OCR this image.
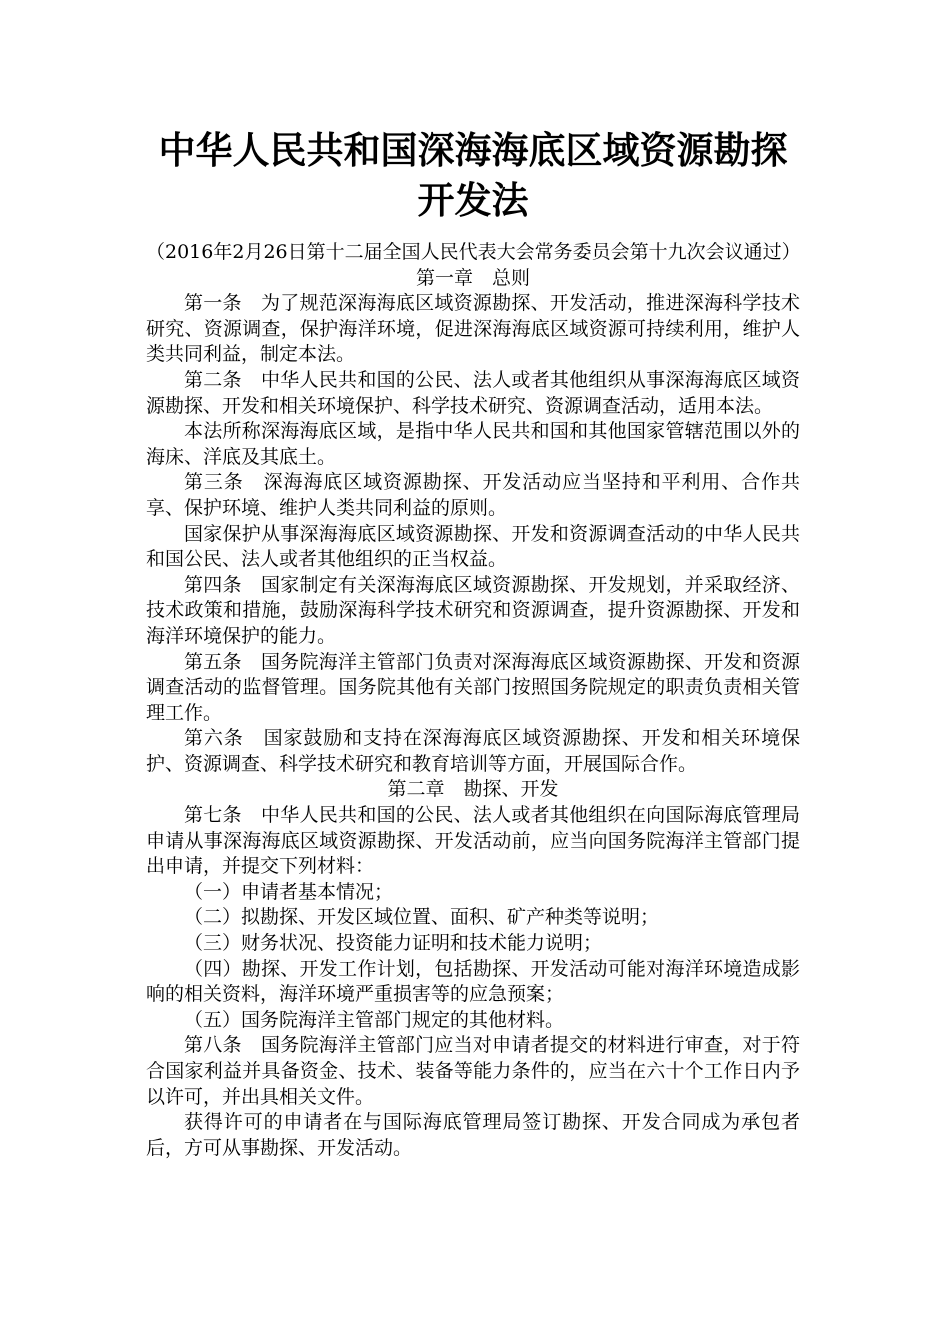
中华人民共和国深海海底区域资源勘探
开发法

（2016年2月26日第十二届全国人民代表大会常务委员会第十九次会议通过）

第一章　总则

第一条　为了规范深海海底区域资源勘探、开发活动，推进深海科学技术研究、资源调查，保护海洋环境，促进深海海底区域资源可持续利用，维护人类共同利益，制定本法。

第二条　中华人民共和国的公民、法人或者其他组织从事深海海底区域资源勘探、开发和相关环境保护、科学技术研究、资源调查活动，适用本法。

本法所称深海海底区域，是指中华人民共和国和其他国家管辖范围以外的海床、洋底及其底土。

第三条　深海海底区域资源勘探、开发活动应当坚持和平利用、合作共享、保护环境、维护人类共同利益的原则。

国家保护从事深海海底区域资源勘探、开发和资源调查活动的中华人民共和国公民、法人或者其他组织的正当权益。

第四条　国家制定有关深海海底区域资源勘探、开发规划，并采取经济、技术政策和措施，鼓励深海科学技术研究和资源调查，提升资源勘探、开发和海洋环境保护的能力。

第五条　国务院海洋主管部门负责对深海海底区域资源勘探、开发和资源调查活动的监督管理。国务院其他有关部门按照国务院规定的职责负责相关管理工作。

第六条　国家鼓励和支持在深海海底区域资源勘探、开发和相关环境保护、资源调查、科学技术研究和教育培训等方面，开展国际合作。

第二章　勘探、开发

第七条　中华人民共和国的公民、法人或者其他组织在向国际海底管理局申请从事深海海底区域资源勘探、开发活动前，应当向国务院海洋主管部门提出申请，并提交下列材料：

（一）申请者基本情况；

（二）拟勘探、开发区域位置、面积、矿产种类等说明；

（三）财务状况、投资能力证明和技术能力说明；

（四）勘探、开发工作计划，包括勘探、开发活动可能对海洋环境造成影响的相关资料，海洋环境严重损害等的应急预案；

（五）国务院海洋主管部门规定的其他材料。

第八条　国务院海洋主管部门应当对申请者提交的材料进行审查，对于符合国家利益并具备资金、技术、装备等能力条件的，应当在六十个工作日内予以许可，并出具相关文件。

获得许可的申请者在与国际海底管理局签订勘探、开发合同成为承包者后，方可从事勘探、开发活动。
